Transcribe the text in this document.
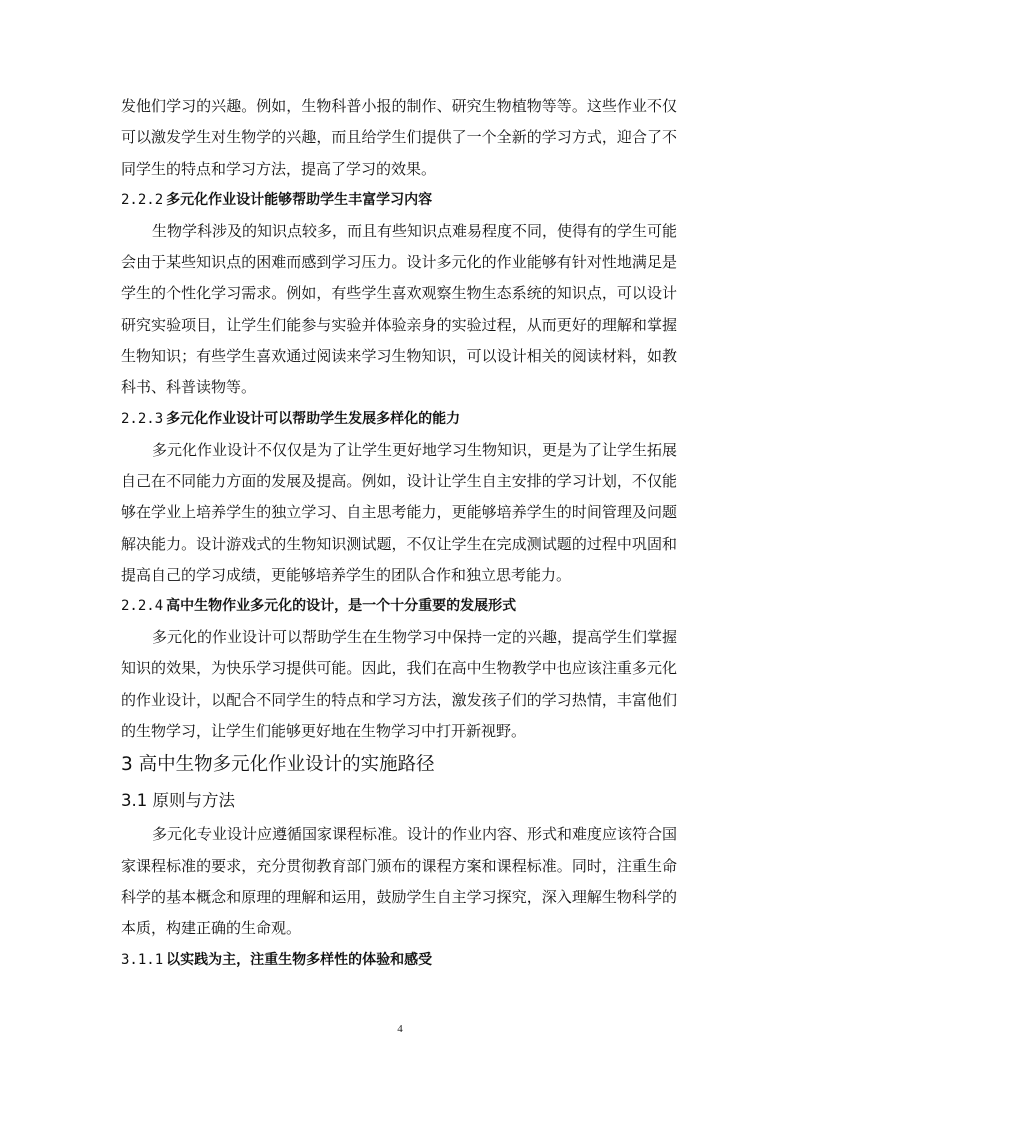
发他们学习的兴趣。例如，生物科普小报的制作、研究生物植物等等。这些作业不仅可以激发学生对生物学的兴趣，而且给学生们提供了一个全新的学习方式，迎合了不同学生的特点和学习方法，提高了学习的效果。

2.2.2 多元化作业设计能够帮助学生丰富学习内容

生物学科涉及的知识点较多，而且有些知识点难易程度不同，使得有的学生可能会由于某些知识点的困难而感到学习压力。设计多元化的作业能够有针对性地满足是学生的个性化学习需求。例如，有些学生喜欢观察生物生态系统的知识点，可以设计研究实验项目，让学生们能参与实验并体验亲身的实验过程，从而更好的理解和掌握生物知识；有些学生喜欢通过阅读来学习生物知识，可以设计相关的阅读材料，如教科书、科普读物等。

2.2.3 多元化作业设计可以帮助学生发展多样化的能力

多元化作业设计不仅仅是为了让学生更好地学习生物知识，更是为了让学生拓展自己在不同能力方面的发展及提高。例如，设计让学生自主安排的学习计划，不仅能够在学业上培养学生的独立学习、自主思考能力，更能够培养学生的时间管理及问题解决能力。设计游戏式的生物知识测试题，不仅让学生在完成测试题的过程中巩固和提高自己的学习成绩，更能够培养学生的团队合作和独立思考能力。

2.2.4 高中生物作业多元化的设计，是一个十分重要的发展形式

多元化的作业设计可以帮助学生在生物学习中保持一定的兴趣，提高学生们掌握知识的效果，为快乐学习提供可能。因此，我们在高中生物教学中也应该注重多元化的作业设计，以配合不同学生的特点和学习方法，激发孩子们的学习热情，丰富他们的生物学习，让学生们能够更好地在生物学习中打开新视野。

3 高中生物多元化作业设计的实施路径

3.1 原则与方法

多元化专业设计应遵循国家课程标准。设计的作业内容、形式和难度应该符合国家课程标准的要求，充分贯彻教育部门颁布的课程方案和课程标准。同时，注重生命科学的基本概念和原理的理解和运用，鼓励学生自主学习探究，深入理解生物科学的本质，构建正确的生命观。

3.1.1 以实践为主，注重生物多样性的体验和感受

4
